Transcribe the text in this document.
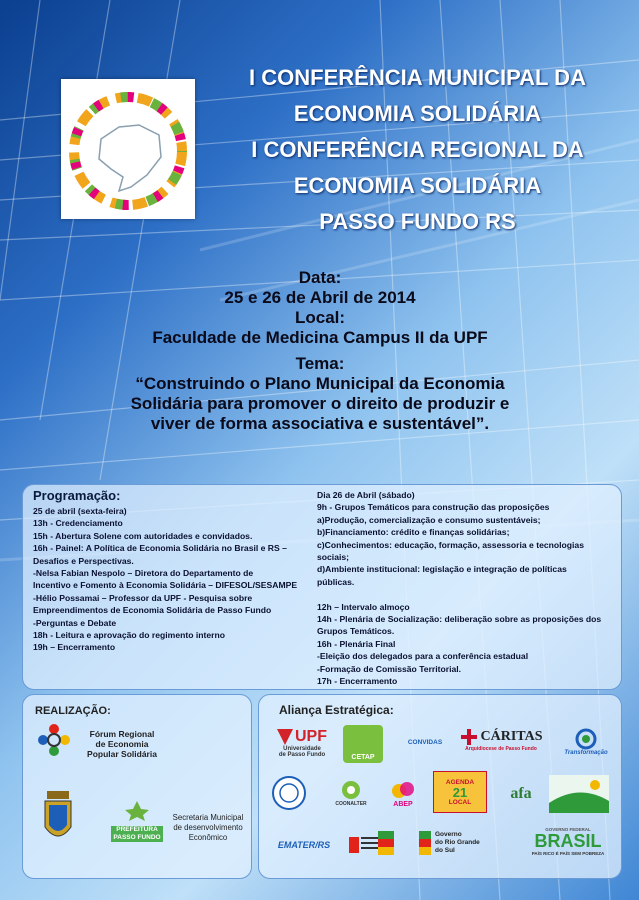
I CONFERÊNCIA MUNICIPAL DA
ECONOMIA SOLIDÁRIA
I CONFERÊNCIA REGIONAL DA
ECONOMIA SOLIDÁRIA
PASSO FUNDO RS
Data:
25 e 26 de Abril de 2014
Local:
Faculdade de Medicina Campus II da UPF
Tema:
“Construindo o Plano Municipal da Economia
Solidária para promover o direito de produzir e
viver de forma associativa e sustentável”.
Programação:
25 de abril (sexta-feira)
13h - Credenciamento
15h - Abertura Solene com autoridades e convidados.
16h - Painel: A Política de Economia Solidária no Brasil e RS –
Desafios e Perspectivas.
-Nelsa Fabian Nespolo – Diretora do Departamento de
Incentivo e Fomento à Economia Solidária – DIFESOL/SESAMPE
-Hélio Possamai – Professor da UPF - Pesquisa sobre
Empreendimentos de Economia Solidária de Passo Fundo
-Perguntas e Debate
18h - Leitura e aprovação do regimento interno
19h – Encerramento
Dia 26 de Abril (sábado)
9h - Grupos Temáticos para construção das proposições
a)Produção, comercialização e consumo sustentáveis;
b)Financiamento: crédito e finanças solidárias;
c)Conhecimentos: educação, formação, assessoria e tecnologias
sociais;
d)Ambiente institucional: legislação e integração de políticas
públicas.
12h – Intervalo almoço
14h - Plenária de Socialização: deliberação sobre as proposições dos
Grupos Temáticos.
16h - Plenária Final
-Eleição dos delegados para a conferência estadual
-Formação de Comissão Territorial.
17h - Encerramento
REALIZAÇÃO:
Fórum Regional
de Economia
Popular Solidária
PREFEITURA
PASSO FUNDO
Secretaria Municipal
de desenvolvimento
Econômico
Aliança Estratégica:
UPF
Universidade
de Passo Fundo	CETAP
CONVIDAS	CÁRITAS
Arquidiocese de Passo Fundo
Transformação
COONALTER	ABEP
AGENDA
21
LOCAL afa
EMATER/RS
Governo
do Rio Grande
do Sul
GOVERNO FEDERAL
BRASIL
PAÍS RICO É PAÍS SEM POBREZA
